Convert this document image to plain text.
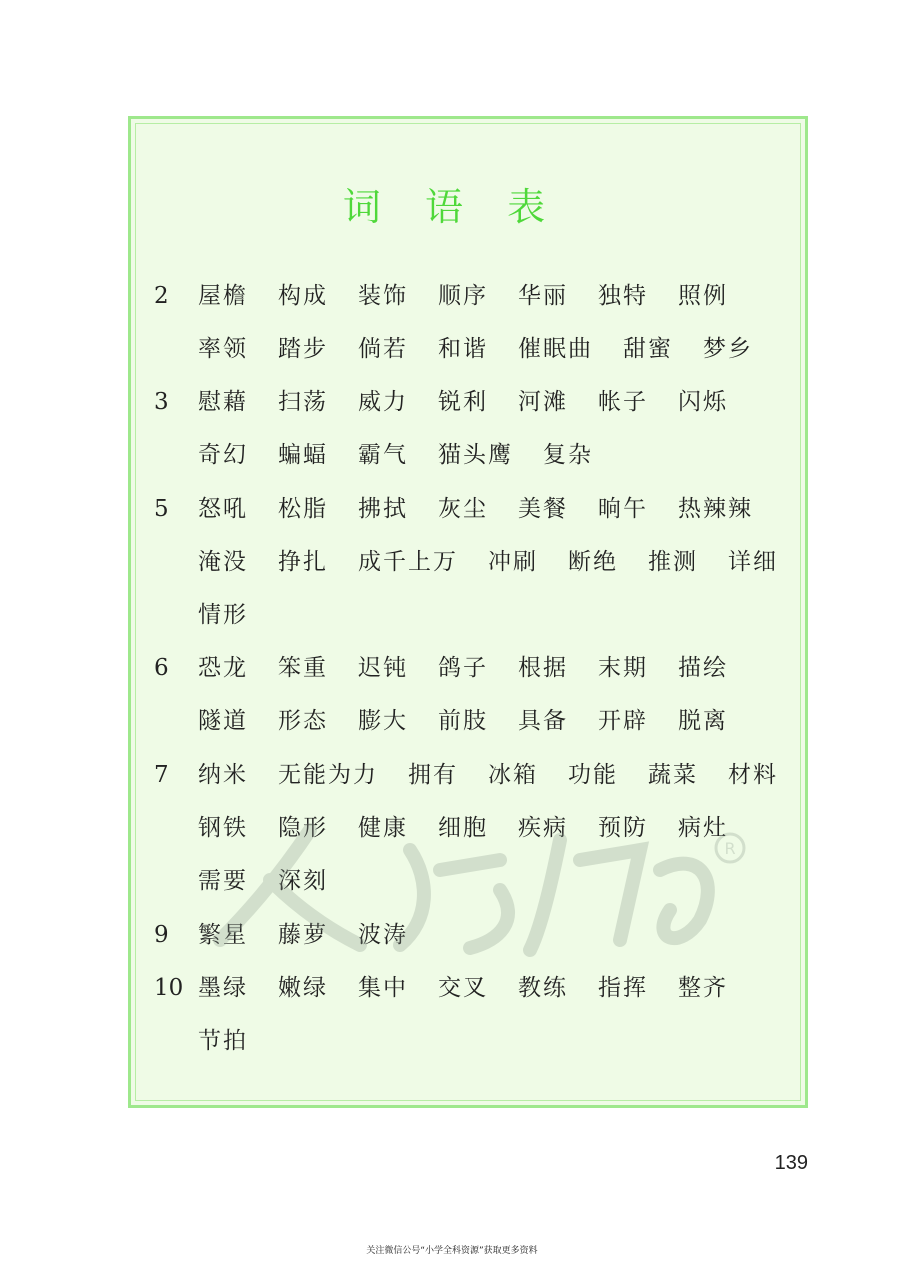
词 语 表
2	屋檐 构成 装饰 顺序 华丽 独特 照例
率领 踏步 倘若 和谐 催眠曲 甜蜜 梦乡
3	慰藉 扫荡 威力 锐利 河滩 帐子 闪烁
奇幻 蝙蝠 霸气 猫头鹰 复杂
5	怒吼 松脂 拂拭 灰尘 美餐 晌午 热辣辣
淹没 挣扎 成千上万 冲刷 断绝 推测 详细
情形
6	恐龙 笨重 迟钝 鸽子 根据 末期 描绘
隧道 形态 膨大 前肢 具备 开辟 脱离
7	纳米 无能为力 拥有 冰箱 功能 蔬菜 材料
钢铁 隐形 健康 细胞 疾病 预防 病灶
需要 深刻
9	繁星 藤萝 波涛
10 墨绿 嫩绿 集中 交叉 教练 指挥 整齐
节拍
R
139
关注微信公号“小学全科资源”获取更多资料
